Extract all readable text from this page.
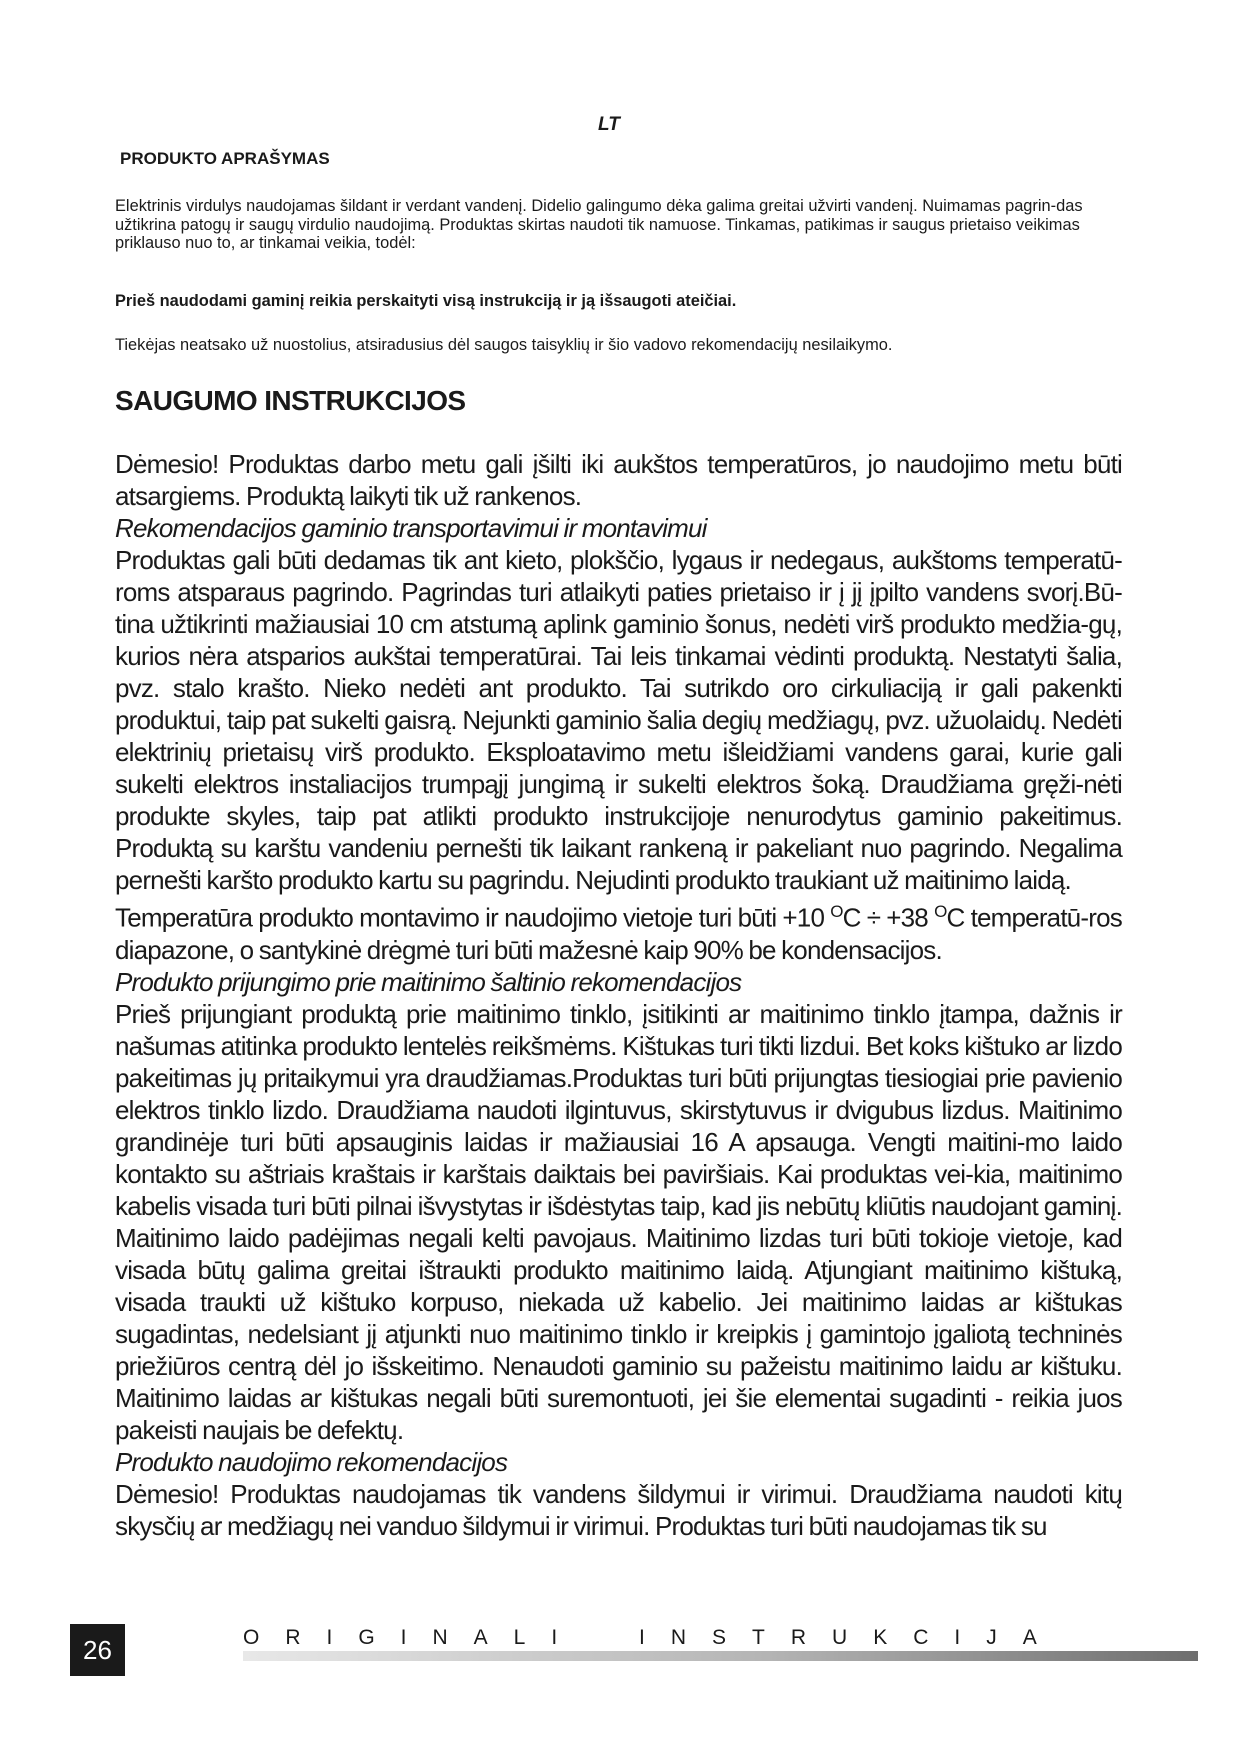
LT
PRODUKTO APRAŠYMAS

Elektrinis virdulys naudojamas šildant ir verdant vandenį. Didelio galingumo dėka galima greitai užvirti vandenį. Nuimamas pagrin-das užtikrina patogų ir saugų virdulio naudojimą. Produktas skirtas naudoti tik namuose. Tinkamas, patikimas ir saugus prietaiso veikimas priklauso nuo to, ar tinkamai veikia, todėl:

Prieš naudodami gaminį reikia perskaityti visą instrukciją ir ją išsaugoti ateičiai.

Tiekėjas neatsako už nuostolius, atsiradusius dėl saugos taisyklių ir šio vadovo rekomendacijų nesilaikymo.

SAUGUMO INSTRUKCIJOS

Dėmesio! Produktas darbo metu gali įšilti iki aukštos temperatūros, jo naudojimo metu būti atsargiems. Produktą laikyti tik už rankenos.

Rekomendacijos gaminio transportavimui ir montavimui

Produktas gali būti dedamas tik ant kieto, plokščio, lygaus ir nedegaus, aukštoms temperatū-roms atsparaus pagrindo. Pagrindas turi atlaikyti paties prietaiso ir į jį įpilto vandens svorį.Bū-tina užtikrinti mažiausiai 10 cm atstumą aplink gaminio šonus, nedėti virš produkto medžia-gų, kurios nėra atsparios aukštai temperatūrai. Tai leis tinkamai vėdinti produktą. Nestatyti šalia, pvz. stalo krašto. Nieko nedėti ant produkto. Tai sutrikdo oro cirkuliaciją ir gali pakenkti produktui, taip pat sukelti gaisrą. Nejunkti gaminio šalia degių medžiagų, pvz. užuolaidų. Nedėti elektrinių prietaisų virš produkto. Eksploatavimo metu išleidžiami vandens garai, kurie gali sukelti elektros instaliacijos trumpąjį jungimą ir sukelti elektros šoką. Draudžiama gręži-nėti produkte skyles, taip pat atlikti produkto instrukcijoje nenurodytus gaminio pakeitimus. Produktą su karštu vandeniu pernešti tik laikant rankeną ir pakeliant nuo pagrindo. Negalima pernešti karšto produkto kartu su pagrindu. Nejudinti produkto traukiant už maitinimo laidą.

Temperatūra produkto montavimo ir naudojimo vietoje turi būti +10 $^O$C ÷ +38 $^O$C temperatū-ros diapazone, o santykinė drėgmė turi būti mažesnė kaip 90% be kondensacijos.

Produkto prijungimo prie maitinimo šaltinio rekomendacijos

Prieš prijungiant produktą prie maitinimo tinklo, įsitikinti ar maitinimo tinklo įtampa, dažnis ir našumas atitinka produkto lentelės reikšmėms. Kištukas turi tikti lizdui. Bet koks kištuko ar lizdo pakeitimas jų pritaikymui yra draudžiamas.Produktas turi būti prijungtas tiesiogiai prie pavienio elektros tinklo lizdo. Draudžiama naudoti ilgintuvus, skirstytuvus ir dvigubus lizdus. Maitinimo grandinėje turi būti apsauginis laidas ir mažiausiai 16 A apsauga. Vengti maitini-mo laido kontakto su aštriais kraštais ir karštais daiktais bei paviršiais. Kai produktas vei-kia, maitinimo kabelis visada turi būti pilnai išvystytas ir išdėstytas taip, kad jis nebūtų kliūtis naudojant gaminį. Maitinimo laido padėjimas negali kelti pavojaus. Maitinimo lizdas turi būti tokioje vietoje, kad visada būtų galima greitai ištraukti produkto maitinimo laidą. Atjungiant maitinimo kištuką, visada traukti už kištuko korpuso, niekada už kabelio. Jei maitinimo laidas ar kištukas sugadintas, nedelsiant jį atjunkti nuo maitinimo tinklo ir kreipkis į gamintojo įgaliotą techninės priežiūros centrą dėl jo išskeitimo. Nenaudoti gaminio su pažeistu maitinimo laidu ar kištuku. Maitinimo laidas ar kištukas negali būti suremontuoti, jei šie elementai sugadinti - reikia juos pakeisti naujais be defektų.

Produkto naudojimo rekomendacijos

Dėmesio! Produktas naudojamas tik vandens šildymui ir virimui. Draudžiama naudoti kitų skysčių ar medžiagų nei vanduo šildymui ir virimui. Produktas turi būti naudojamas tik su

26	ORIGINALI INSTRUKCIJA
